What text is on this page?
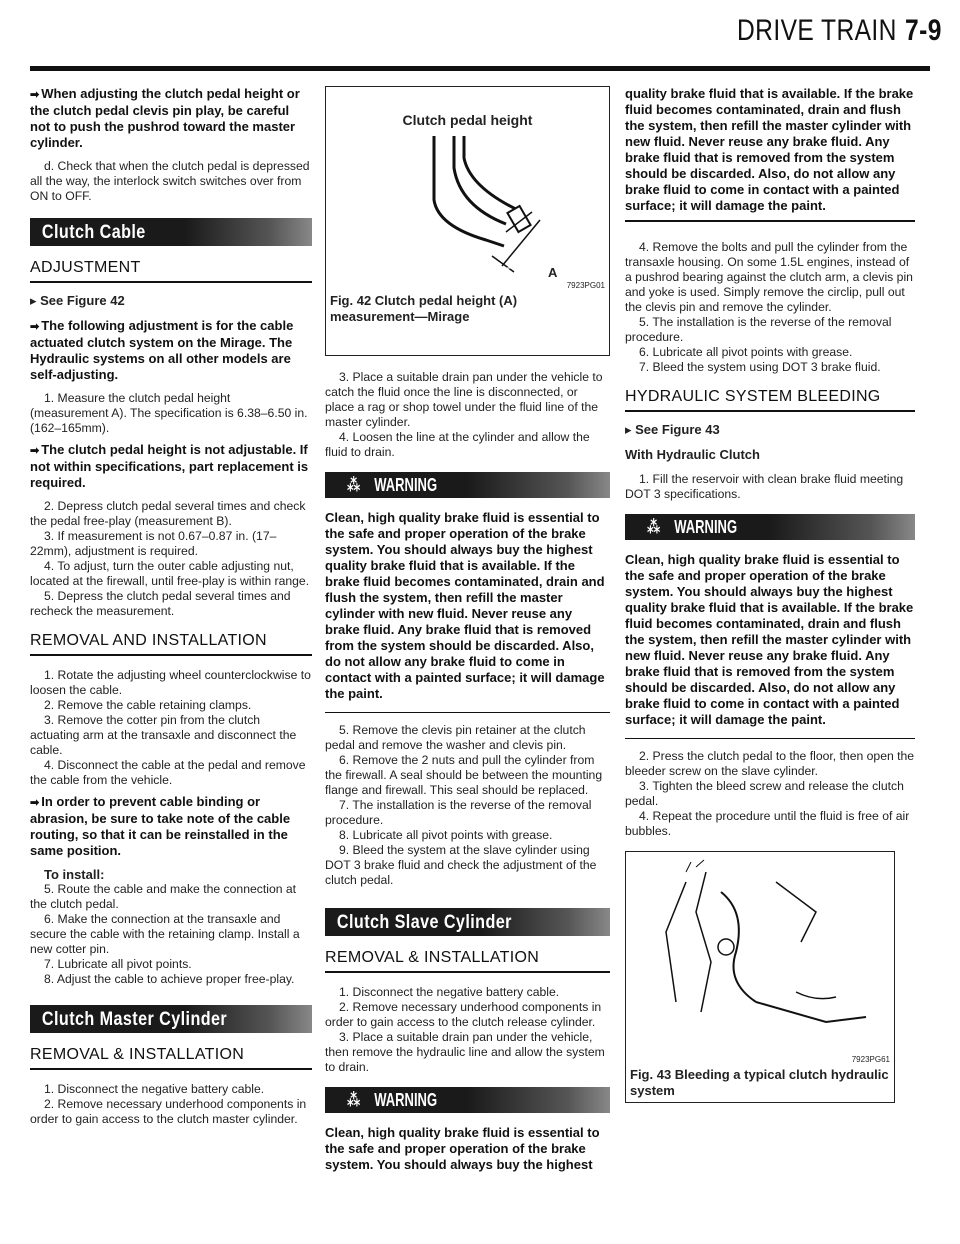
DRIVE TRAIN 7-9
➡ When adjusting the clutch pedal height or the clutch pedal clevis pin play, be careful not to push the pushrod toward the master cylinder.
d. Check that when the clutch pedal is depressed all the way, the interlock switch switches over from ON to OFF.
Clutch Cable
ADJUSTMENT
▸ See Figure 42
➡ The following adjustment is for the cable actuated clutch system on the Mirage. The Hydraulic systems on all other models are self-adjusting.
1. Measure the clutch pedal height (measurement A). The specification is 6.38–6.50 in. (162–165mm).
➡ The clutch pedal height is not adjustable. If not within specifications, part replacement is required.
2. Depress clutch pedal several times and check the pedal free-play (measurement B).
3. If measurement is not 0.67–0.87 in. (17–22mm), adjustment is required.
4. To adjust, turn the outer cable adjusting nut, located at the firewall, until free-play is within range.
5. Depress the clutch pedal several times and recheck the measurement.
REMOVAL AND INSTALLATION
1. Rotate the adjusting wheel counterclockwise to loosen the cable.
2. Remove the cable retaining clamps.
3. Remove the cotter pin from the clutch actuating arm at the transaxle and disconnect the cable.
4. Disconnect the cable at the pedal and remove the cable from the vehicle.
➡ In order to prevent cable binding or abrasion, be sure to take note of the cable routing, so that it can be reinstalled in the same position.
To install:
5. Route the cable and make the connection at the clutch pedal.
6. Make the connection at the transaxle and secure the cable with the retaining clamp. Install a new cotter pin.
7. Lubricate all pivot points.
8. Adjust the cable to achieve proper free-play.
Clutch Master Cylinder
REMOVAL & INSTALLATION
1. Disconnect the negative battery cable.
2. Remove necessary underhood components in order to gain access to the clutch master cylinder.
Clutch pedal height
A
7923PG01
Fig. 42 Clutch pedal height (A) measurement—Mirage
3. Place a suitable drain pan under the vehicle to catch the fluid once the line is disconnected, or place a rag or shop towel under the fluid line of the master cylinder.
4. Loosen the line at the cylinder and allow the fluid to drain.
⁂WARNING
Clean, high quality brake fluid is essential to the safe and proper operation of the brake system. You should always buy the highest quality brake fluid that is available. If the brake fluid becomes contaminated, drain and flush the system, then refill the master cylinder with new fluid. Never reuse any brake fluid. Any brake fluid that is removed from the system should be discarded. Also, do not allow any brake fluid to come in contact with a painted surface; it will damage the paint.
5. Remove the clevis pin retainer at the clutch pedal and remove the washer and clevis pin.
6. Remove the 2 nuts and pull the cylinder from the firewall. A seal should be between the mounting flange and firewall. This seal should be replaced.
7. The installation is the reverse of the removal procedure.
8. Lubricate all pivot points with grease.
9. Bleed the system at the slave cylinder using DOT 3 brake fluid and check the adjustment of the clutch pedal.
Clutch Slave Cylinder
REMOVAL & INSTALLATION
1. Disconnect the negative battery cable.
2. Remove necessary underhood components in order to gain access to the clutch release cylinder.
3. Place a suitable drain pan under the vehicle, then remove the hydraulic line and allow the system to drain.
⁂WARNING
Clean, high quality brake fluid is essential to the safe and proper operation of the brake system. You should always buy the highest
quality brake fluid that is available. If the brake fluid becomes contaminated, drain and flush the system, then refill the master cylinder with new fluid. Never reuse any brake fluid. Any brake fluid that is removed from the system should be discarded. Also, do not allow any brake fluid to come in contact with a painted surface; it will damage the paint.
4. Remove the bolts and pull the cylinder from the transaxle housing. On some 1.5L engines, instead of a pushrod bearing against the clutch arm, a clevis pin and yoke is used. Simply remove the circlip, pull out the clevis pin and remove the cylinder.
5. The installation is the reverse of the removal procedure.
6. Lubricate all pivot points with grease.
7. Bleed the system using DOT 3 brake fluid.
HYDRAULIC SYSTEM BLEEDING
▸ See Figure 43
With Hydraulic Clutch
1. Fill the reservoir with clean brake fluid meeting DOT 3 specifications.
⁂WARNING
Clean, high quality brake fluid is essential to the safe and proper operation of the brake system. You should always buy the highest quality brake fluid that is available. If the brake fluid becomes contaminated, drain and flush the system, then refill the master cylinder with new fluid. Never reuse any brake fluid. Any brake fluid that is removed from the system should be discarded. Also, do not allow any brake fluid to come in contact with a painted surface; it will damage the paint.
2. Press the clutch pedal to the floor, then open the bleeder screw on the slave cylinder.
3. Tighten the bleed screw and release the clutch pedal.
4. Repeat the procedure until the fluid is free of air bubbles.
7923PG61
Fig. 43 Bleeding a typical clutch hydraulic system
